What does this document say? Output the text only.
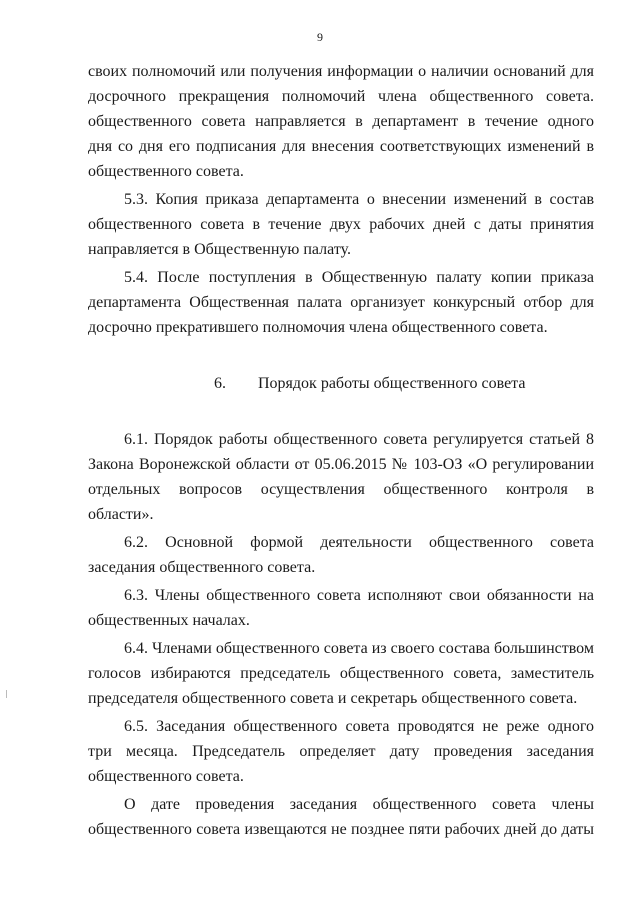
9
своих полномочий или получения информации о наличии оснований для
досрочного прекращения полномочий члена общественного совета.
общественного совета направляется в департамент в течение одного
дня со дня его подписания для внесения соответствующих изменений в
общественного совета.
5.3. Копия приказа департамента о внесении изменений в состав
общественного совета в течение двух рабочих дней с даты принятия
направляется в Общественную палату.
5.4. После поступления в Общественную палату копии приказа
департамента Общественная палата организует конкурсный отбор для
досрочно прекратившего полномочия члена общественного совета.
6.        Порядок работы общественного совета
6.1. Порядок работы общественного совета регулируется статьей 8
Закона Воронежской области от 05.06.2015 № 103-ОЗ «О регулировании
отдельных вопросов осуществления общественного контроля в
области».
6.2. Основной формой деятельности общественного совета
заседания общественного совета.
6.3. Члены общественного совета исполняют свои обязанности на
общественных началах.
6.4. Членами общественного совета из своего состава большинством
голосов избираются председатель общественного совета, заместитель
председателя общественного совета и секретарь общественного совета.
6.5. Заседания общественного совета проводятся не реже одного
три месяца. Председатель определяет дату проведения заседания
общественного совета.
О дате проведения заседания общественного совета члены
общественного совета извещаются не позднее пяти рабочих дней до даты
